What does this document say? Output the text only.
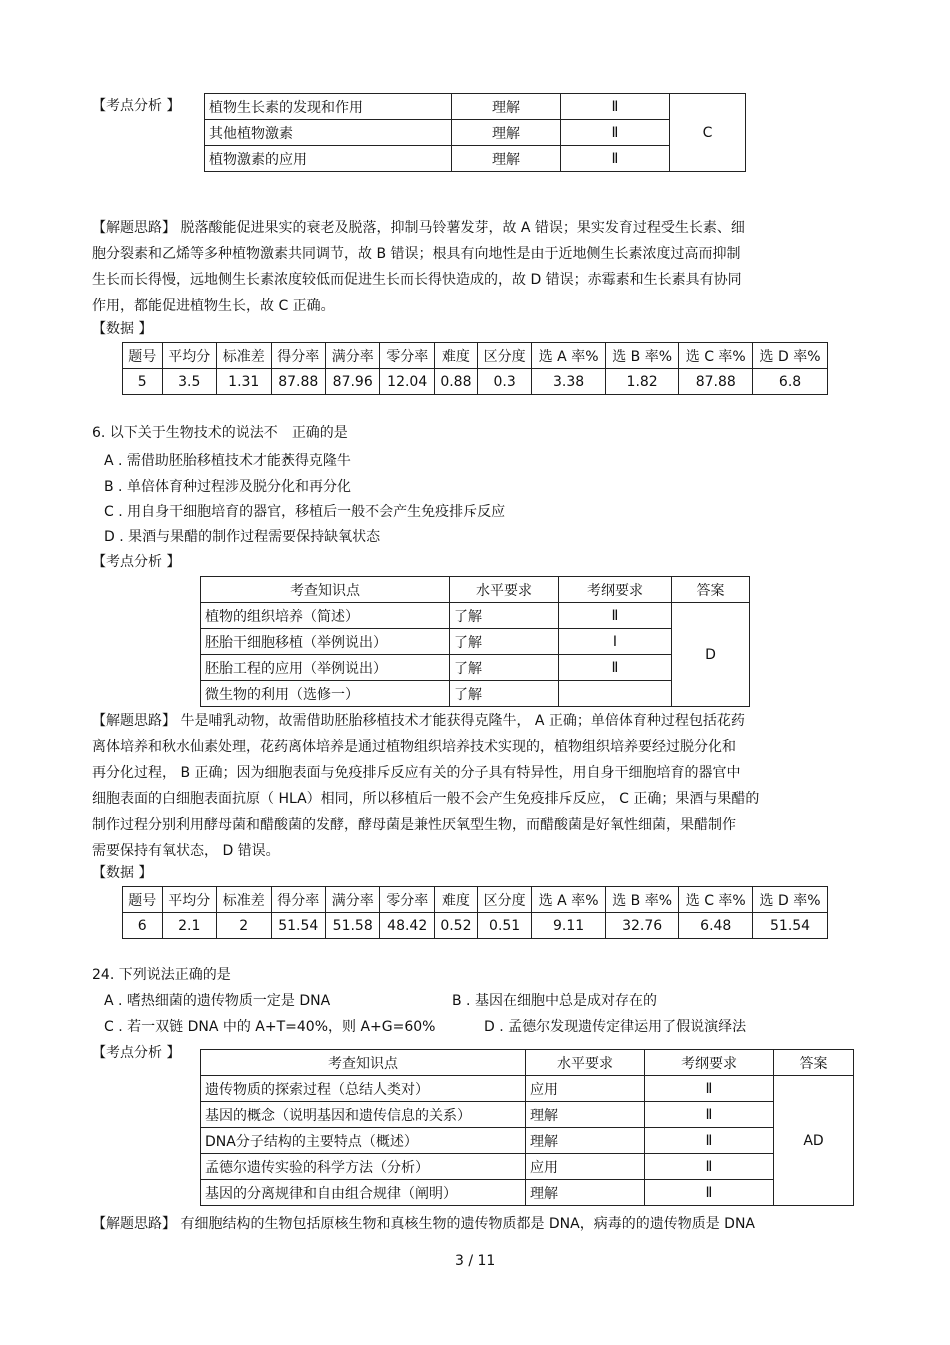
【考点分析 】 植物生长素的发现和作用	理解	Ⅱ	C
其他植物激素	理解	Ⅱ	
植物激素的应用	理解	Ⅱ	
【解题思路】 脱落酸能促进果实的衰老及脱落，抑制马铃薯发芽，故 A 错误；果实发育过程受生长素、细
胞分裂素和乙烯等多种植物激素共同调节，故 B 错误；根具有向地性是由于近地侧生长素浓度过高而抑制
生长而长得慢，远地侧生长素浓度较低而促进生长而长得快造成的，故 D 错误；赤霉素和生长素具有协同
作用，都能促进植物生长，故 C 正确。
【数据 】
题号	平均分	标准差	得分率	满分率	零分率	难度	区分度	选 A 率%	选 B 率%	选 C 率%	选 D 率%
5	3.5	1.31	87.88	87.96	12.04	0.88	0.3	3.38	1.82	87.88	6.8
6. 以下关于生物技术的说法不 正确的是
A . 需借助胚胎移植技术才能获得克隆牛
B . 单倍体育种过程涉及脱分化和再分化
C . 用自身干细胞培育的器官，移植后一般不会产生免疫排斥反应
D . 果酒与果醋的制作过程需要保持缺氧状态
【考点分析 】
考查知识点	水平要求	考纲要求	答案
植物的组织培养（简述）	了解	Ⅱ	D
胚胎干细胞移植（举例说出）	了解	Ⅰ	
胚胎工程的应用（举例说出）	了解	Ⅱ	
微生物的利用（选修一）	了解		
【解题思路】 牛是哺乳动物，故需借助胚胎移植技术才能获得克隆牛， A 正确；单倍体育种过程包括花药
离体培养和秋水仙素处理，花药离体培养是通过植物组织培养技术实现的，植物组织培养要经过脱分化和
再分化过程， B 正确；因为细胞表面与免疫排斥反应有关的分子具有特异性，用自身干细胞培育的器官中
细胞表面的白细胞表面抗原（ HLA）相同，所以移植后一般不会产生免疫排斥反应， C 正确；果酒与果醋的
制作过程分别利用酵母菌和醋酸菌的发酵，酵母菌是兼性厌氧型生物，而醋酸菌是好氧性细菌，果醋制作
需要保持有氧状态， D 错误。
【数据 】
题号	平均分	标准差	得分率	满分率	零分率	难度	区分度	选 A 率%	选 B 率%	选 C 率%	选 D 率%
6	2.1	2	51.54	51.58	48.42	0.52	0.51	9.11	32.76	6.48	51.54
24. 下列说法正确的是
A . 嗜热细菌的遗传物质一定是 DNA	B . 基因在细胞中总是成对存在的
C . 若一双链 DNA 中的 A+T=40%，则 A+G=60%	D . 孟德尔发现遗传定律运用了假说演绎法
【考点分析 】
考查知识点	水平要求	考纲要求	答案
遗传物质的探索过程（总结人类对）	应用	Ⅱ	AD
基因的概念（说明基因和遗传信息的关系）	理解	Ⅱ	
DNA分子结构的主要特点（概述）	理解	Ⅱ	
孟德尔遗传实验的科学方法（分析）	应用	Ⅱ	
基因的分离规律和自由组合规律（阐明）	理解	Ⅱ	
【解题思路】 有细胞结构的生物包括原核生物和真核生物的遗传物质都是 DNA，病毒的的遗传物质是 DNA
3 / 11
